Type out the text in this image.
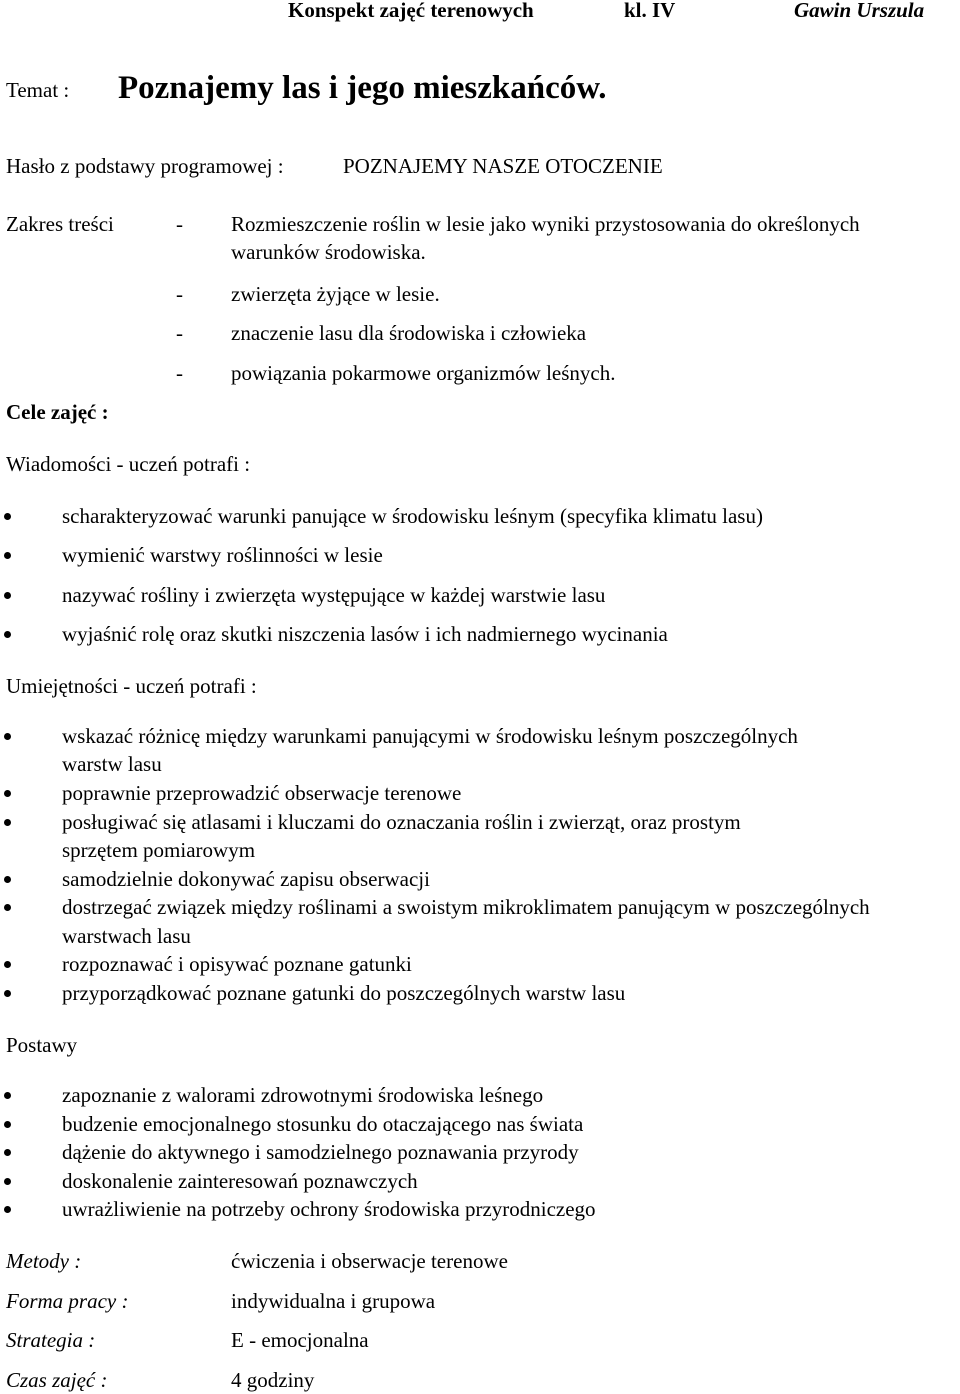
Konspekt zajęć terenowych	kl. IV	Gawin Urszula
Temat : Poznajemy las i jego mieszkańców.
Hasło z podstawy programowej :	POZNAJEMY NASZE OTOCZENIE
Zakres treści	- Rozmieszczenie roślin w lesie jako wyniki przystosowania do określonych
warunków środowiska.
- zwierzęta żyjące w lesie.
- znaczenie lasu dla środowiska i człowieka
- powiązania pokarmowe organizmów leśnych.
Cele zajęć :
Wiadomości - uczeń potrafi :
scharakteryzować warunki panujące w środowisku leśnym (specyfika klimatu lasu)
wymienić warstwy roślinności w lesie
nazywać rośliny i zwierzęta występujące w każdej warstwie lasu
wyjaśnić rolę oraz skutki niszczenia lasów i ich nadmiernego wycinania
Umiejętności - uczeń potrafi :
wskazać różnicę między warunkami panującymi w środowisku leśnym poszczególnych
warstw lasu
poprawnie przeprowadzić obserwacje terenowe
posługiwać się atlasami i kluczami do oznaczania roślin i zwierząt, oraz prostym
sprzętem pomiarowym
samodzielnie dokonywać zapisu obserwacji
dostrzegać związek między roślinami a swoistym mikroklimatem panującym w poszczególnych
warstwach lasu
rozpoznawać i opisywać poznane gatunki
przyporządkować poznane gatunki do poszczególnych warstw lasu
Postawy
zapoznanie z walorami zdrowotnymi środowiska leśnego
budzenie emocjonalnego stosunku do otaczającego nas świata
dążenie do aktywnego i samodzielnego poznawania przyrody
doskonalenie zainteresowań poznawczych
uwrażliwienie na potrzeby ochrony środowiska przyrodniczego
Metody :	ćwiczenia i obserwacje terenowe
Forma pracy :	indywidualna i grupowa
Strategia :	E - emocjonalna
Czas zajęć :	4 godziny
